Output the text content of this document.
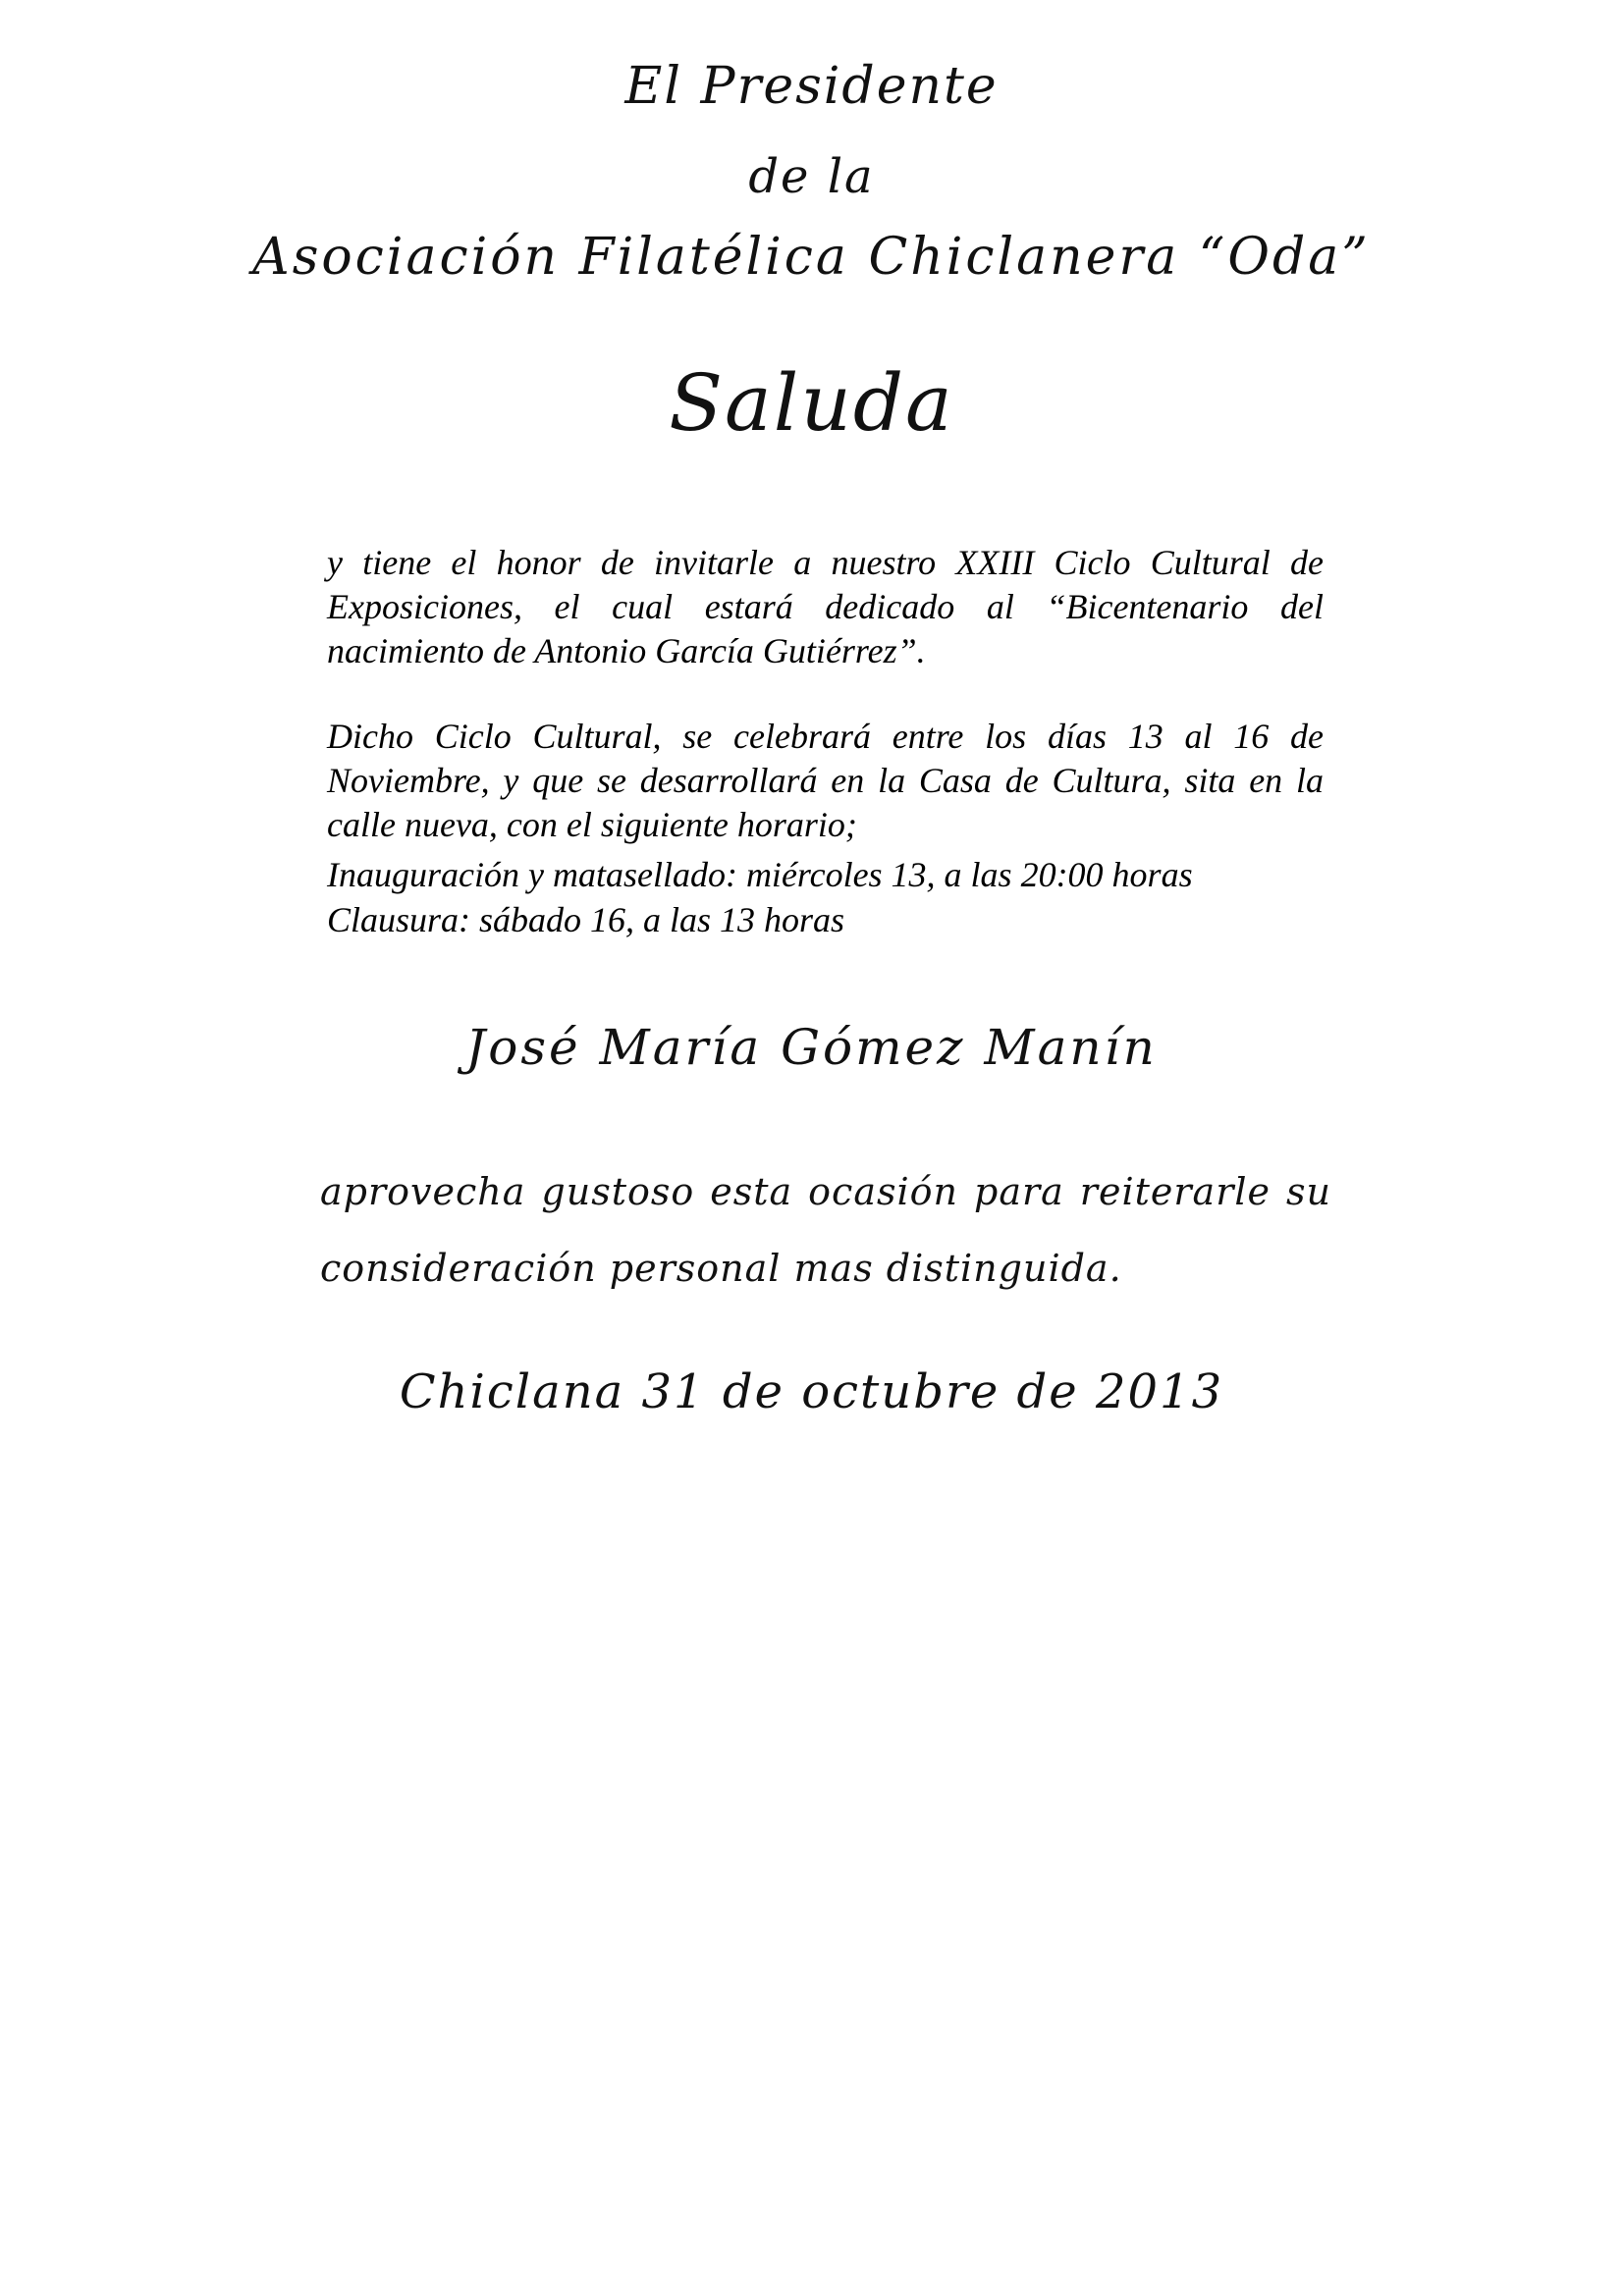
El Presidente
de la
Asociación Filatélica Chiclanera “Oda”
Saluda

y tiene el honor de invitarle a nuestro XXIII Ciclo Cultural de Exposiciones, el cual estará dedicado al “Bicentenario del nacimiento de Antonio García Gutiérrez”.

Dicho Ciclo Cultural, se celebrará entre los días 13 al 16 de Noviembre, y que se desarrollará en la Casa de Cultura, sita en la calle nueva, con el siguiente horario;

Inauguración y matasellado: miércoles 13, a las 20:00 horas
Clausura: sábado 16, a las 13 horas
José María Gómez Manín

aprovecha gustoso esta ocasión para reiterarle su consideración personal mas distinguida.

Chiclana 31 de octubre de 2013
